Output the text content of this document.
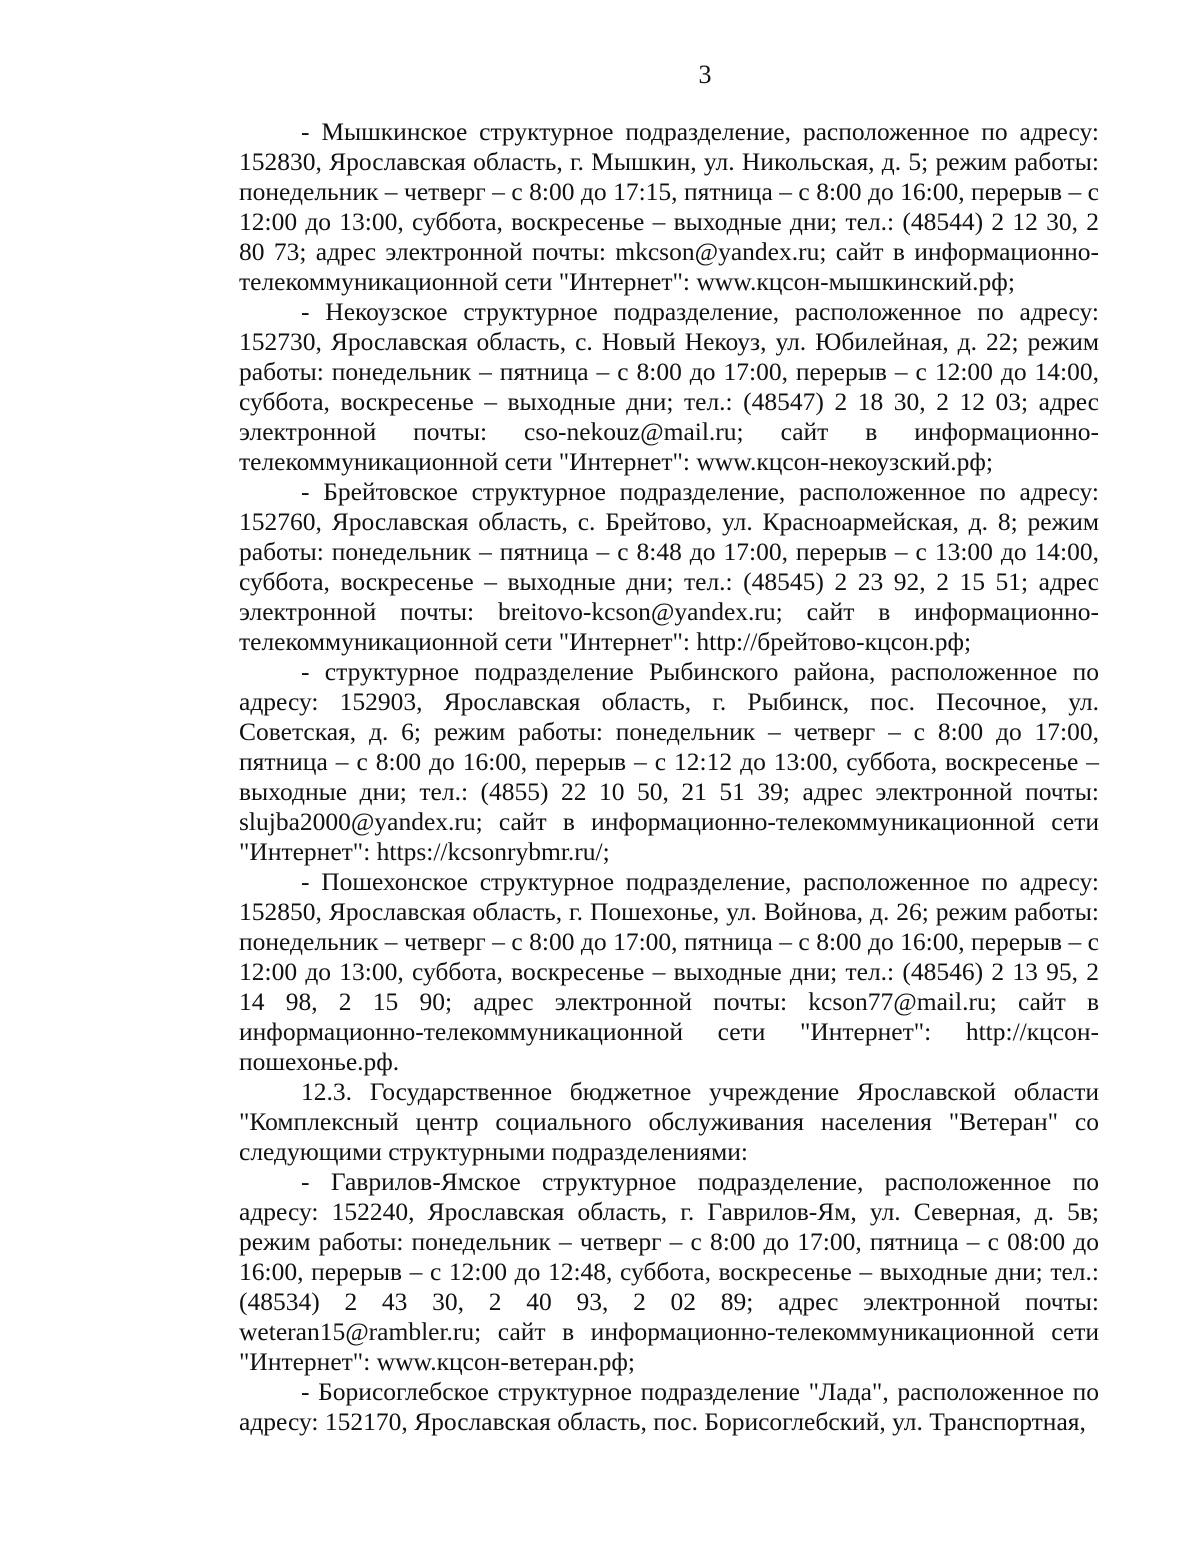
3

- Мышкинское структурное подразделение, расположенное по адресу: 152830, Ярославская область, г. Мышкин, ул. Никольская, д. 5; режим работы: понедельник – четверг – с 8:00 до 17:15, пятница – с 8:00 до 16:00, перерыв – с 12:00 до 13:00, суббота, воскресенье – выходные дни; тел.: (48544) 2 12 30, 2 80 73; адрес электронной почты: mkcson@yandex.ru; сайт в информационно-телекоммуникационной сети "Интернет": www.кцсон-мышкинский.рф;

- Некоузское структурное подразделение, расположенное по адресу: 152730, Ярославская область, с. Новый Некоуз, ул. Юбилейная, д. 22; режим работы: понедельник – пятница – с 8:00 до 17:00, перерыв – с 12:00 до 14:00, суббота, воскресенье – выходные дни; тел.: (48547) 2 18 30, 2 12 03; адрес электронной почты: cso-nekouz@mail.ru; сайт в информационно-телекоммуникационной сети "Интернет": www.кцсон-некоузский.рф;

- Брейтовское структурное подразделение, расположенное по адресу: 152760, Ярославская область, с. Брейтово, ул. Красноармейская, д. 8; режим работы: понедельник – пятница – с 8:48 до 17:00, перерыв – с 13:00 до 14:00, суббота, воскресенье – выходные дни; тел.: (48545) 2 23 92, 2 15 51; адрес электронной почты: breitovo-kcson@yandex.ru; сайт в информационно-телекоммуникационной сети "Интернет": http://брейтово-кцсон.рф;

- структурное подразделение Рыбинского района, расположенное по адресу: 152903, Ярославская область, г. Рыбинск, пос. Песочное, ул. Советская, д. 6; режим работы: понедельник – четверг – с 8:00 до 17:00, пятница – с 8:00 до 16:00, перерыв – с 12:12 до 13:00, суббота, воскресенье – выходные дни; тел.: (4855) 22 10 50, 21 51 39; адрес электронной почты: slujba2000@yandex.ru; сайт в информационно-телекоммуникационной сети "Интернет": https://kcsonrybmr.ru/;

- Пошехонское структурное подразделение, расположенное по адресу: 152850, Ярославская область, г. Пошехонье, ул. Войнова, д. 26; режим работы: понедельник – четверг – с 8:00 до 17:00, пятница – с 8:00 до 16:00, перерыв – с 12:00 до 13:00, суббота, воскресенье – выходные дни; тел.: (48546) 2 13 95, 2 14 98, 2 15 90; адрес электронной почты: kcson77@mail.ru; сайт в информационно-телекоммуникационной сети "Интернет": http://кцсон-пошехонье.рф.

12.3. Государственное бюджетное учреждение Ярославской области "Комплексный центр социального обслуживания населения "Ветеран" со следующими структурными подразделениями:

- Гаврилов-Ямское структурное подразделение, расположенное по адресу: 152240, Ярославская область, г. Гаврилов-Ям, ул. Северная, д. 5в; режим работы: понедельник – четверг – с 8:00 до 17:00, пятница – с 08:00 до 16:00, перерыв – с 12:00 до 12:48, суббота, воскресенье – выходные дни; тел.: (48534) 2 43 30, 2 40 93, 2 02 89; адрес электронной почты: weteran15@rambler.ru; сайт в информационно-телекоммуникационной сети "Интернет": www.кцсон-ветеран.рф;

- Борисоглебское структурное подразделение "Лада", расположенное по адресу: 152170, Ярославская область, пос. Борисоглебский, ул. Транспортная,
